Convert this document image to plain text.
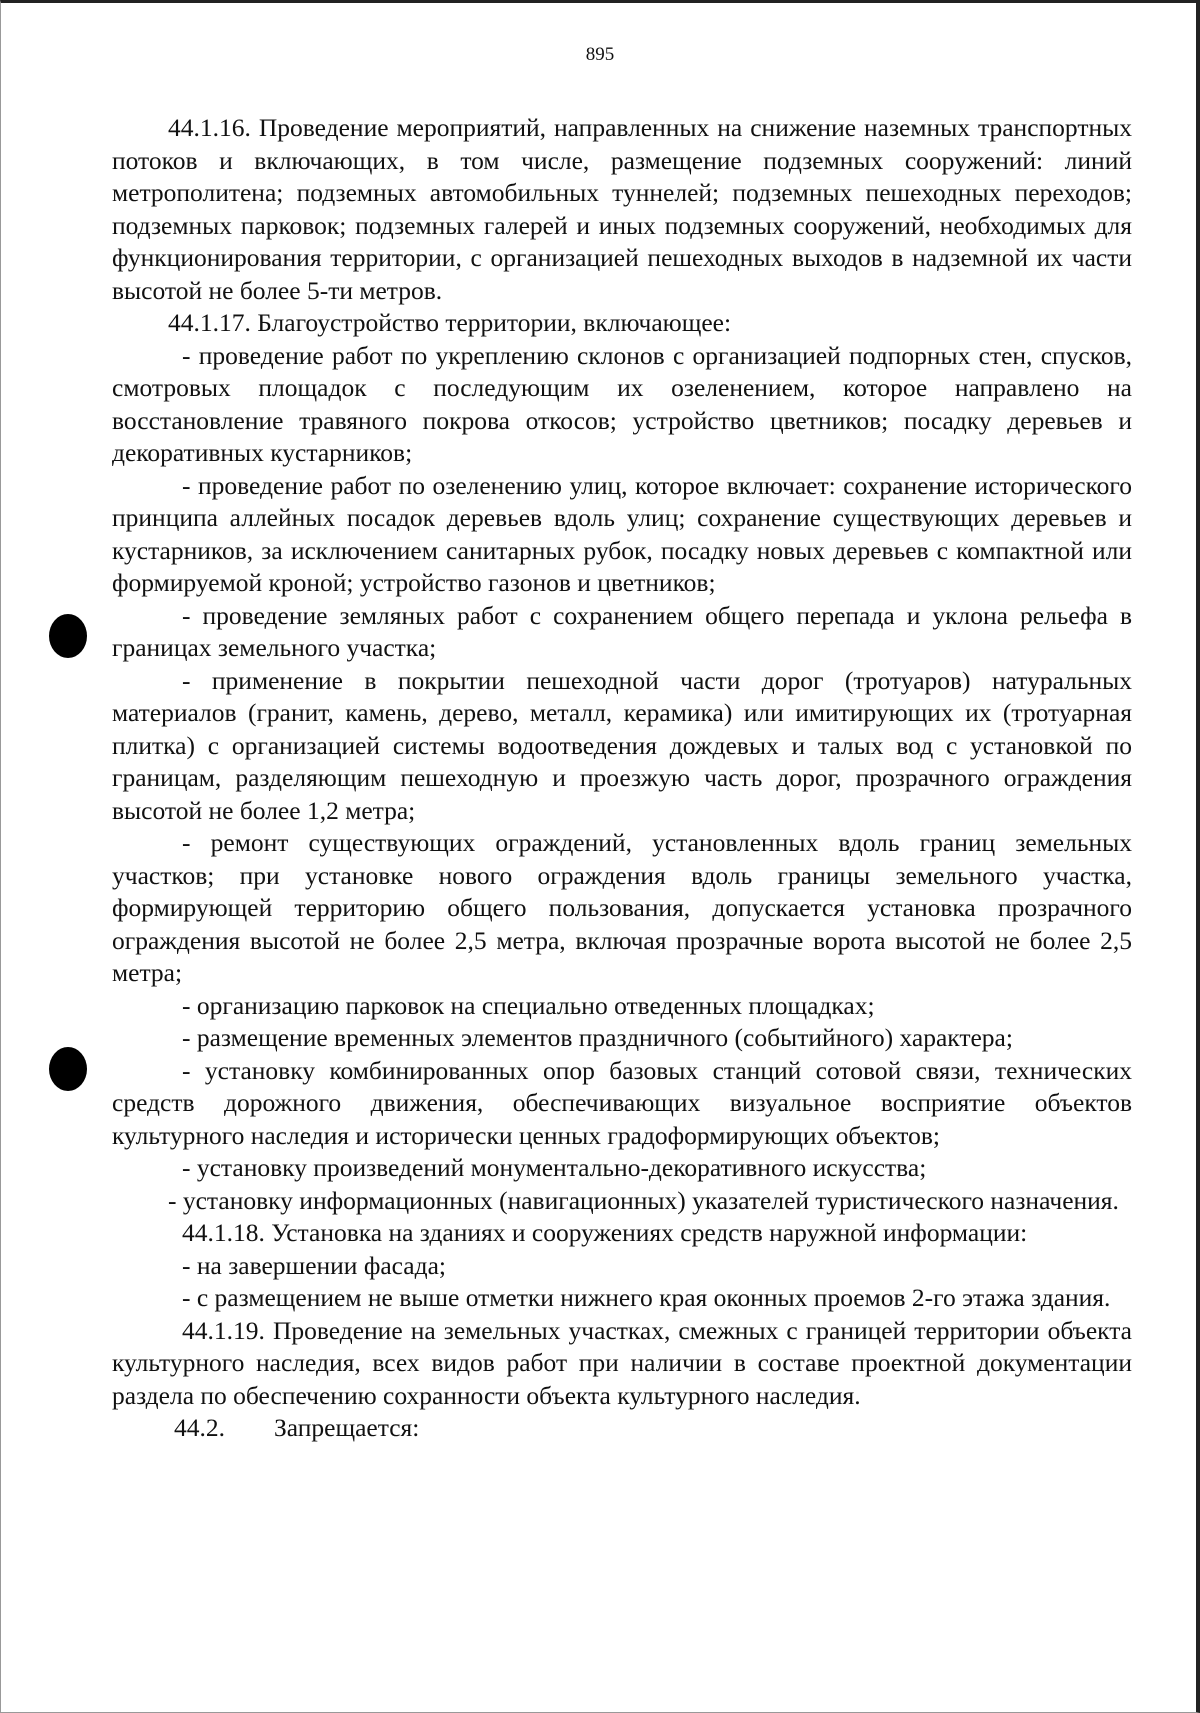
895

44.1.16. Проведение мероприятий, направленных на снижение наземных транспортных потоков и включающих, в том числе, размещение подземных сооружений: линий метрополитена; подземных автомобильных туннелей; подземных пешеходных переходов; подземных парковок; подземных галерей и иных подземных сооружений, необходимых для функционирования территории, с организацией пешеходных выходов в надземной их части высотой не более 5-ти метров.

44.1.17. Благоустройство территории, включающее:

- проведение работ по укреплению склонов с организацией подпорных стен, спусков, смотровых площадок с последующим их озеленением, которое направлено на восстановление травяного покрова откосов; устройство цветников; посадку деревьев и декоративных кустарников;

- проведение работ по озеленению улиц, которое включает: сохранение исторического принципа аллейных посадок деревьев вдоль улиц; сохранение существующих деревьев и кустарников, за исключением санитарных рубок, посадку новых деревьев с компактной или формируемой кроной; устройство газонов и цветников;

- проведение земляных работ с сохранением общего перепада и уклона рельефа в границах земельного участка;

- применение в покрытии пешеходной части дорог (тротуаров) натуральных материалов (гранит, камень, дерево, металл, керамика) или имитирующих их (тротуарная плитка) с организацией системы водоотведения дождевых и талых вод с установкой по границам, разделяющим пешеходную и проезжую часть дорог, прозрачного ограждения высотой не более 1,2 метра;

- ремонт существующих ограждений, установленных вдоль границ земельных участков; при установке нового ограждения вдоль границы земельного участка, формирующей территорию общего пользования, допускается установка прозрачного ограждения высотой не более 2,5 метра, включая прозрачные ворота высотой не более 2,5 метра;

- организацию парковок на специально отведенных площадках;

- размещение временных элементов праздничного (событийного) характера;

- установку комбинированных опор базовых станций сотовой связи, технических средств дорожного движения, обеспечивающих визуальное восприятие объектов культурного наследия и исторически ценных градоформирующих объектов;

- установку произведений монументально-декоративного искусства;

- установку информационных (навигационных) указателей туристического назначения.

44.1.18. Установка на зданиях и сооружениях средств наружной информации:

- на завершении фасада;

- с размещением не выше отметки нижнего края оконных проемов 2-го этажа здания.

44.1.19. Проведение на земельных участках, смежных с границей территории объекта культурного наследия, всех видов работ при наличии в составе проектной документации раздела по обеспечению сохранности объекта культурного наследия.

44.2. Запрещается:
